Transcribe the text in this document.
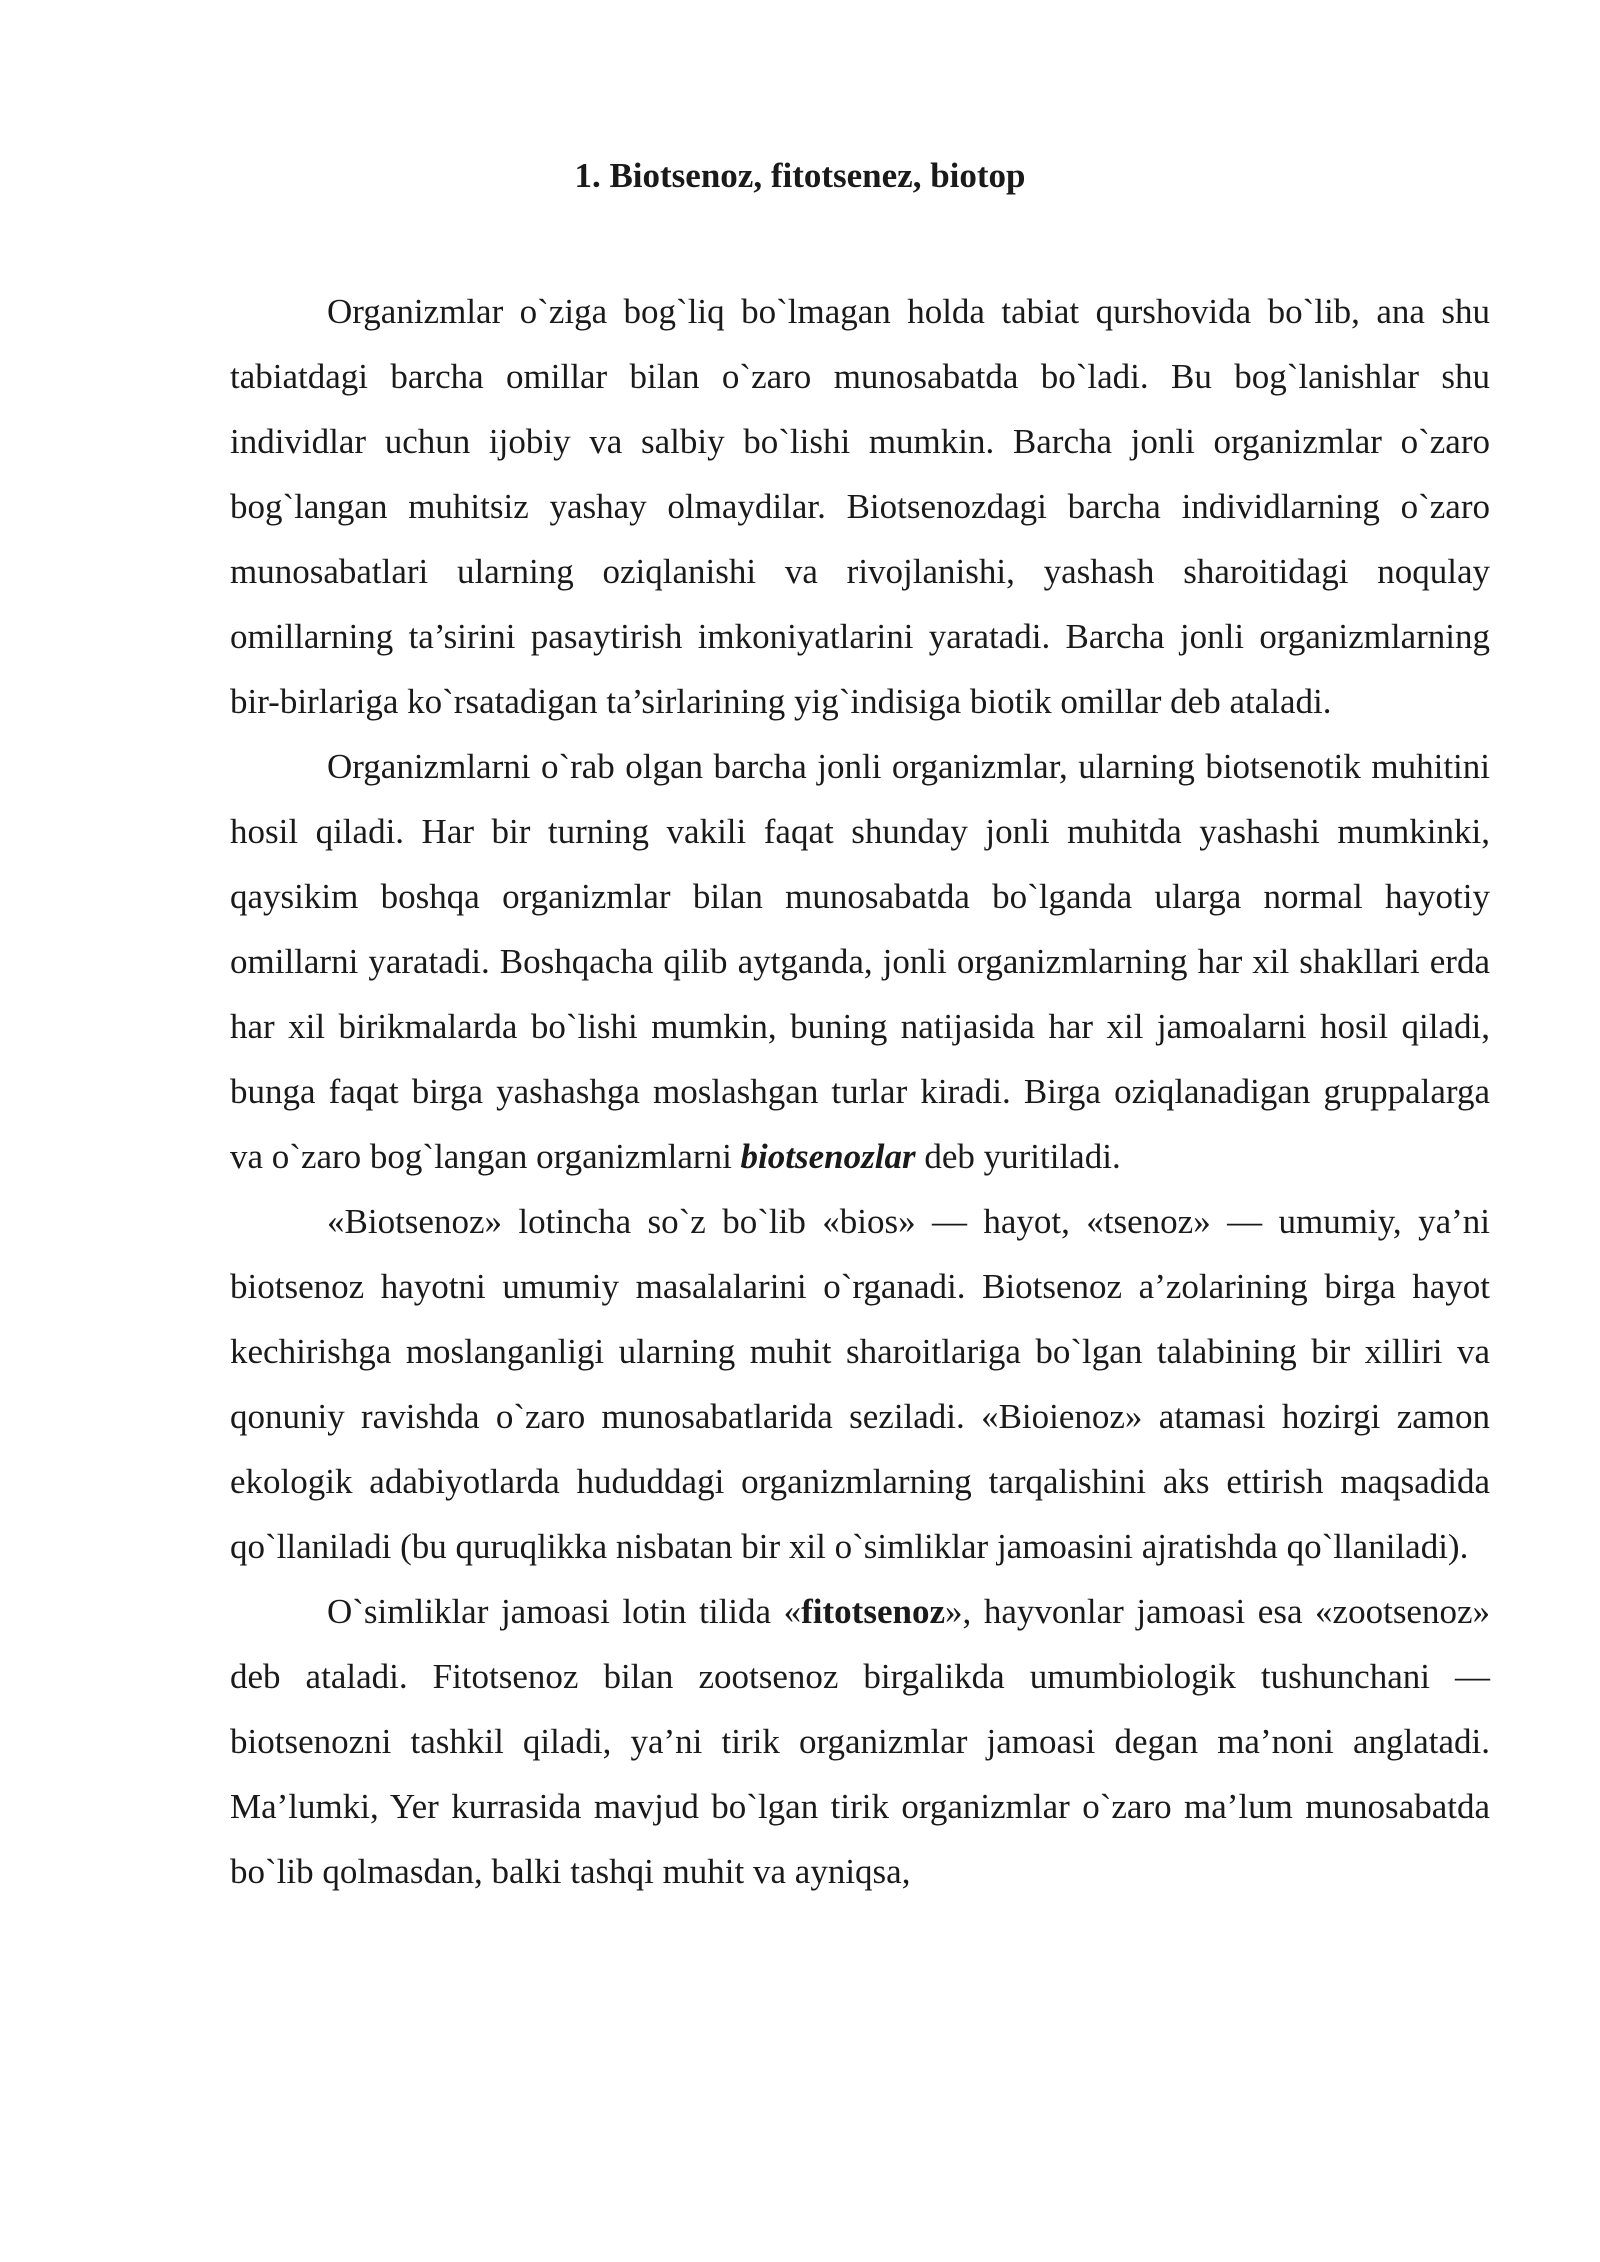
1. Biotsenoz, fitotsenez, biotop

Organizmlar o`ziga bog`liq bo`lmagan holda tabiat qurshovida bo`lib, ana shu tabiatdagi barcha omillar bilan o`zaro munosabatda bo`ladi. Bu bog`lanishlar shu individlar uchun ijobiy va salbiy bo`lishi mumkin. Barcha jonli organizmlar o`zaro bog`langan muhitsiz yashay olmaydilar. Biotsenozdagi barcha individlarning o`zaro munosabatlari ularning oziqlanishi va rivojlanishi, yashash sharoitidagi noqulay omillarning ta’sirini pasaytirish imkoniyatlarini yaratadi. Barcha jonli organizmlarning bir-birlariga ko`rsatadigan ta’sirlarining yig`indisiga biotik omillar deb ataladi.

Organizmlarni o`rab olgan barcha jonli organizmlar, ularning biotsenotik muhitini hosil qiladi. Har bir turning vakili faqat shunday jonli muhitda yashashi mumkinki, qaysikim boshqa organizmlar bilan munosabatda bo`lganda ularga normal hayotiy omillarni yaratadi. Boshqacha qilib aytganda, jonli organizmlarning har xil shakllari erda har xil birikmalarda bo`lishi mumkin, buning natijasida har xil jamoalarni hosil qiladi, bunga faqat birga yashashga moslashgan turlar kiradi. Birga oziqlanadigan gruppalarga va o`zaro bog`langan organizmlarni biotsenozlar deb yuritiladi.

«Biotsenoz» lotincha so`z bo`lib «bios» — hayot, «tsenoz» — umumiy, ya’ni biotsenoz hayotni umumiy masalalarini o`rganadi. Biotsenoz a’zolarining birga hayot kechirishga moslanganligi ularning muhit sharoitlariga bo`lgan talabining bir xilliri va qonuniy ravishda o`zaro munosabatlarida seziladi. «Bioienoz» atamasi hozirgi zamon ekologik adabiyotlarda hududdagi organizmlarning tarqalishini aks ettirish maqsadida qo`llaniladi (bu quruqlikka nisbatan bir xil o`simliklar jamoasini ajratishda qo`llaniladi).

O`simliklar jamoasi lotin tilida «fitotsenoz», hayvonlar jamoasi esa «zootsenoz» deb ataladi. Fitotsenoz bilan zootsenoz birgalikda umumbiologik tushunchani — biotsenozni tashkil qiladi, ya’ni tirik organizmlar jamoasi degan ma’noni anglatadi. Ma’lumki, Yer kurrasida mavjud bo`lgan tirik organizmlar o`zaro ma’lum munosabatda bo`lib qolmasdan, balki tashqi muhit va ayniqsa,
